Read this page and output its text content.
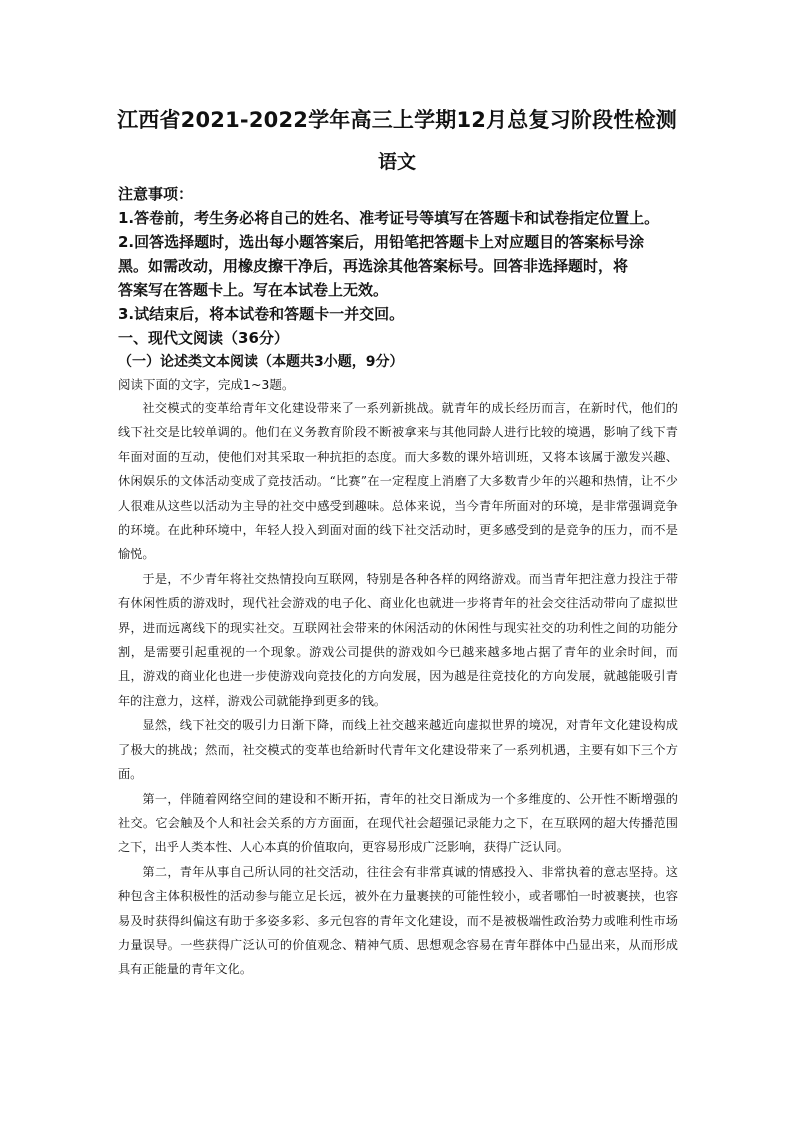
江西省2021-2022学年高三上学期12月总复习阶段性检测
语文
注意事项：
1.答卷前，考生务必将自己的姓名、准考证号等填写在答题卡和试卷指定位置上。
2.回答选择题时，选出每小题答案后，用铅笔把答题卡上对应题目的答案标号涂
黑。如需改动，用橡皮擦干净后，再选涂其他答案标号。回答非选择题时，将
答案写在答题卡上。写在本试卷上无效。
3.试结束后，将本试卷和答题卡一并交回。
一、现代文阅读（36分）
（一）论述类文本阅读（本题共3小题，9分）
阅读下面的文字，完成1~3题。

社交模式的变革给青年文化建设带来了一系列新挑战。就青年的成长经历而言，在新时代，他们的线下社交是比较单调的。他们在义务教育阶段不断被拿来与其他同龄人进行比较的境遇，影响了线下青年面对面的互动，使他们对其采取一种抗拒的态度。而大多数的课外培训班，又将本该属于激发兴趣、休闲娱乐的文体活动变成了竞技活动。“比赛”在一定程度上消磨了大多数青少年的兴趣和热情，让不少人很难从这些以活动为主导的社交中感受到趣味。总体来说，当今青年所面对的环境，是非常强调竞争的环境。在此种环境中，年轻人投入到面对面的线下社交活动时，更多感受到的是竞争的压力，而不是愉悦。

于是，不少青年将社交热情投向互联网，特别是各种各样的网络游戏。而当青年把注意力投注于带有休闲性质的游戏时，现代社会游戏的电子化、商业化也就进一步将青年的社会交往活动带向了虚拟世界，进而远离线下的现实社交。互联网社会带来的休闲活动的休闲性与现实社交的功利性之间的功能分割，是需要引起重视的一个现象。游戏公司提供的游戏如今已越来越多地占据了青年的业余时间，而且，游戏的商业化也进一步使游戏向竞技化的方向发展，因为越是往竞技化的方向发展，就越能吸引青年的注意力，这样，游戏公司就能挣到更多的钱。

显然，线下社交的吸引力日渐下降，而线上社交越来越近向虚拟世界的境况，对青年文化建设构成了极大的挑战；然而，社交模式的变革也给新时代青年文化建设带来了一系列机遇，主要有如下三个方面。

第一，伴随着网络空间的建设和不断开拓，青年的社交日渐成为一个多维度的、公开性不断增强的社交。它会触及个人和社会关系的方方面面，在现代社会超强记录能力之下，在互联网的超大传播范围之下，出乎人类本性、人心本真的价值取向，更容易形成广泛影响，获得广泛认同。

第二，青年从事自己所认同的社交活动，往往会有非常真诚的情感投入、非常执着的意志坚持。这种包含主体积极性的活动参与能立足长远，被外在力量裹挟的可能性较小，或者哪怕一时被裹挟，也容易及时获得纠偏这有助于多姿多彩、多元包容的青年文化建设，而不是被极端性政治势力或唯利性市场力量误导。一些获得广泛认可的价值观念、精神气质、思想观念容易在青年群体中凸显出来，从而形成具有正能量的青年文化。
